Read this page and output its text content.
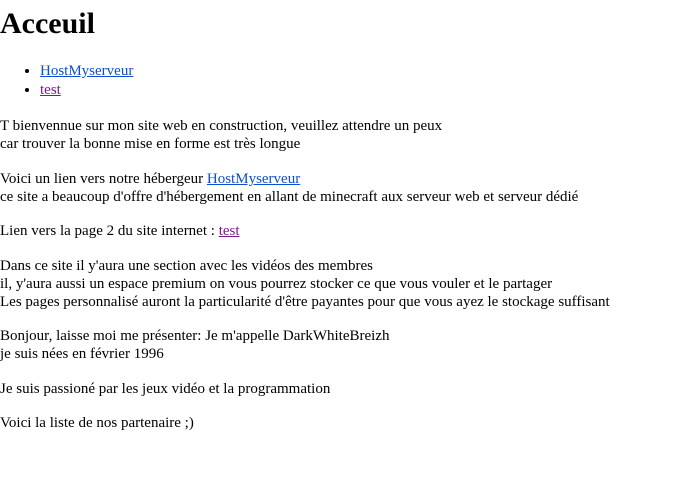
Acceuil
• HostMyserveur
• test

T bienvennue sur mon site web en construction, veuillez attendre un peux
car trouver la bonne mise en forme est très longue

Voici un lien vers notre hébergeur HostMyserveur
ce site a beaucoup d'offre d'hébergement en allant de minecraft aux serveur web et serveur dédié

Lien vers la page 2 du site internet : test

Dans ce site il y'aura une section avec les vidéos des membres
il, y'aura aussi un espace premium on vous pourrez stocker ce que vous vouler et le partager
Les pages personnalisé auront la particularité d'être payantes pour que vous ayez le stockage suffisant

Bonjour, laisse moi me présenter: Je m'appelle DarkWhiteBreizh
je suis nées en février 1996

Je suis passioné par les jeux vidéo et la programmation

Voici la liste de nos partenaire ;)
